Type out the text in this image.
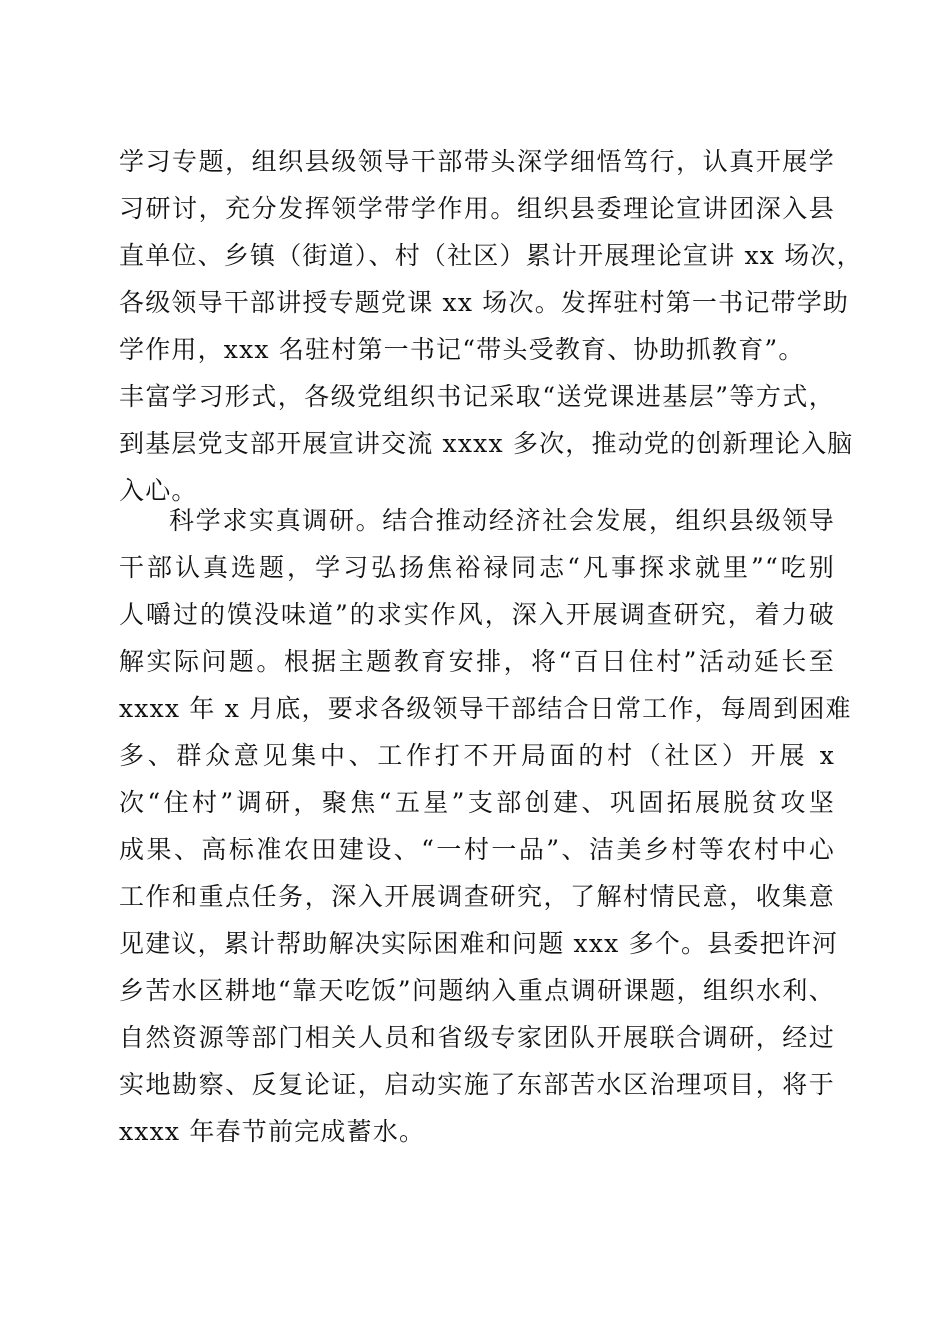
学习专题，组织县级领导干部带头深学细悟笃行，认真开展学
习研讨，充分发挥领学带学作用。组织县委理论宣讲团深入县
直单位、乡镇（街道）、村（社区）累计开展理论宣讲 xx 场次，
各级领导干部讲授专题党课 xx 场次。发挥驻村第一书记带学助
学作用，xxx 名驻村第一书记“带头受教育、协助抓教育”。
丰富学习形式，各级党组织书记采取“送党课进基层”等方式，
到基层党支部开展宣讲交流 xxxx 多次，推动党的创新理论入脑
入心。
科学求实真调研。结合推动经济社会发展，组织县级领导
干部认真选题，学习弘扬焦裕禄同志“凡事探求就里”“吃别
人嚼过的馍没味道”的求实作风，深入开展调查研究，着力破
解实际问题。根据主题教育安排，将“百日住村”活动延长至
xxxx 年 x 月底，要求各级领导干部结合日常工作，每周到困难
多、群众意见集中、工作打不开局面的村（社区）开展 x
次“住村”调研，聚焦“五星”支部创建、巩固拓展脱贫攻坚
成果、高标准农田建设、“一村一品”、洁美乡村等农村中心
工作和重点任务，深入开展调查研究，了解村情民意，收集意
见建议，累计帮助解决实际困难和问题 xxx 多个。县委把许河
乡苦水区耕地“靠天吃饭”问题纳入重点调研课题，组织水利、
自然资源等部门相关人员和省级专家团队开展联合调研，经过
实地勘察、反复论证，启动实施了东部苦水区治理项目，将于
xxxx 年春节前完成蓄水。
